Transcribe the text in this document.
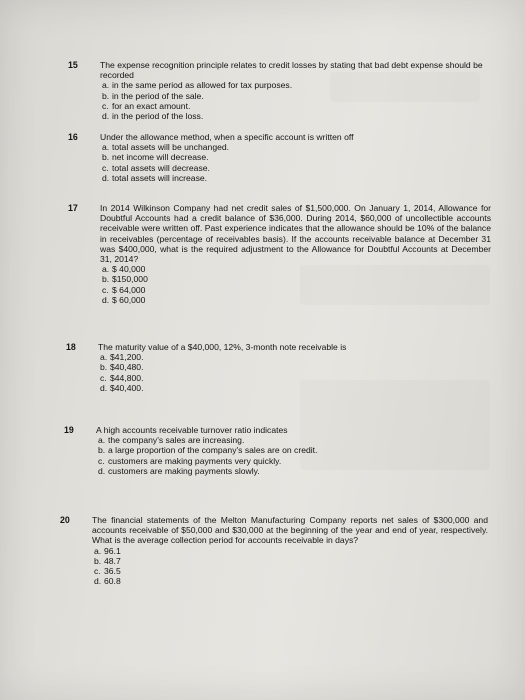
15	The expense recognition principle relates to credit losses by stating that bad debt expense should be recorded
a. in the same period as allowed for tax purposes.
b. in the period of the sale.
c. for an exact amount.
d. in the period of the loss.
16	Under the allowance method, when a specific account is written off
a. total assets will be unchanged.
b. net income will decrease.
c. total assets will decrease.
d. total assets will increase.
17	In 2014 Wilkinson Company had net credit sales of $1,500,000. On January 1, 2014, Allowance for Doubtful Accounts had a credit balance of $36,000. During 2014, $60,000 of uncollectible accounts receivable were written off. Past experience indicates that the allowance should be 10% of the balance in receivables (percentage of receivables basis). If the accounts receivable balance at December 31 was $400,000, what is the required adjustment to the Allowance for Doubtful Accounts at December 31, 2014?
a. $ 40,000
b. $150,000
c. $ 64,000
d. $ 60,000
18	The maturity value of a $40,000, 12%, 3-month note receivable is
a. $41,200.
b. $40,480.
c. $44,800.
d. $40,400.
19	A high accounts receivable turnover ratio indicates
a. the company's sales are increasing.
b. a large proportion of the company's sales are on credit.
c. customers are making payments very quickly.
d. customers are making payments slowly.
20	The financial statements of the Melton Manufacturing Company reports net sales of $300,000 and accounts receivable of $50,000 and $30,000 at the beginning of the year and end of year, respectively. What is the average collection period for accounts receivable in days?
a. 96.1
b. 48.7
c. 36.5
d. 60.8
